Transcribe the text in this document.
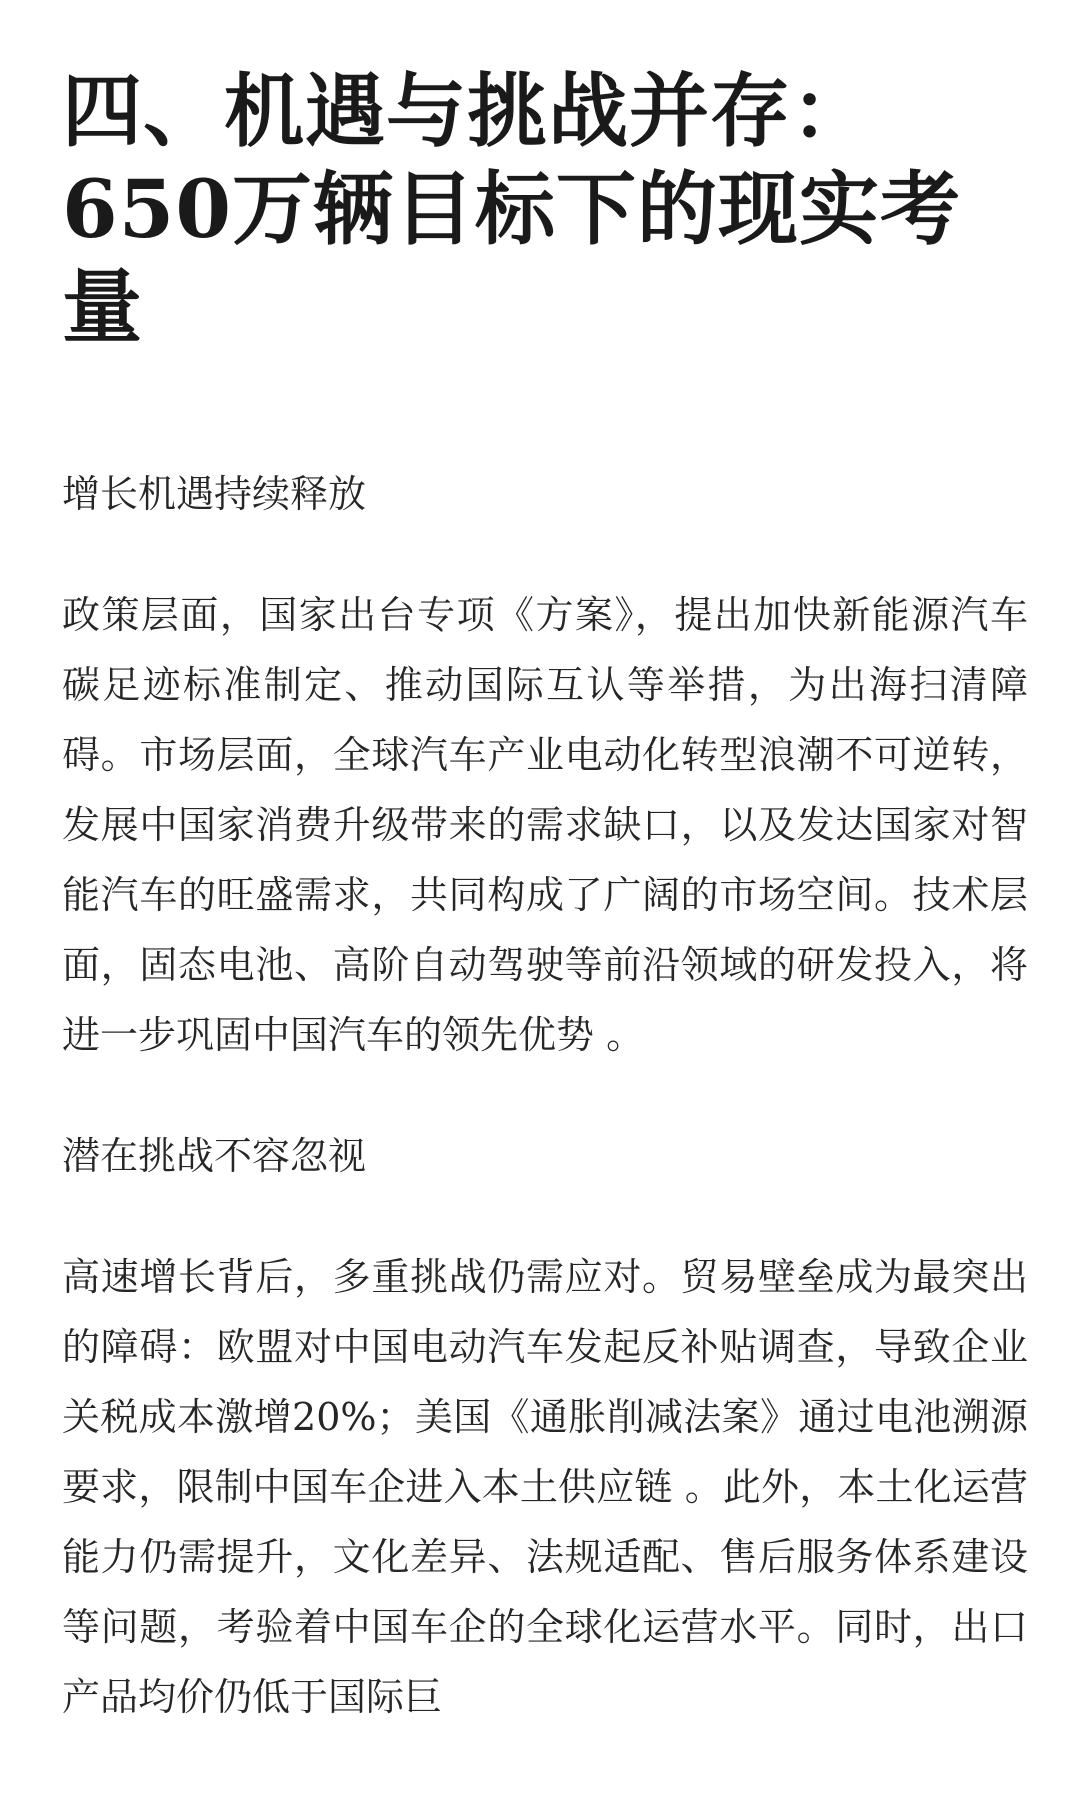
四、机遇与挑战并存：650万辆目标下的现实考量
增长机遇持续释放

政策层面，国家出台专项《方案》，提出加快新能源汽车碳足迹标准制定、推动国际互认等举措，为出海扫清障碍。市场层面，全球汽车产业电动化转型浪潮不可逆转，发展中国家消费升级带来的需求缺口，以及发达国家对智能汽车的旺盛需求，共同构成了广阔的市场空间。技术层面，固态电池、高阶自动驾驶等前沿领域的研发投入，将进一步巩固中国汽车的领先优势 。

潜在挑战不容忽视

高速增长背后，多重挑战仍需应对。贸易壁垒成为最突出的障碍：欧盟对中国电动汽车发起反补贴调查，导致企业关税成本激增20%；美国《通胀削减法案》通过电池溯源要求，限制中国车企进入本土供应链 。此外，本土化运营能力仍需提升，文化差异、法规适配、售后服务体系建设等问题，考验着中国车企的全球化运营水平。同时，出口产品均价仍低于国际巨
